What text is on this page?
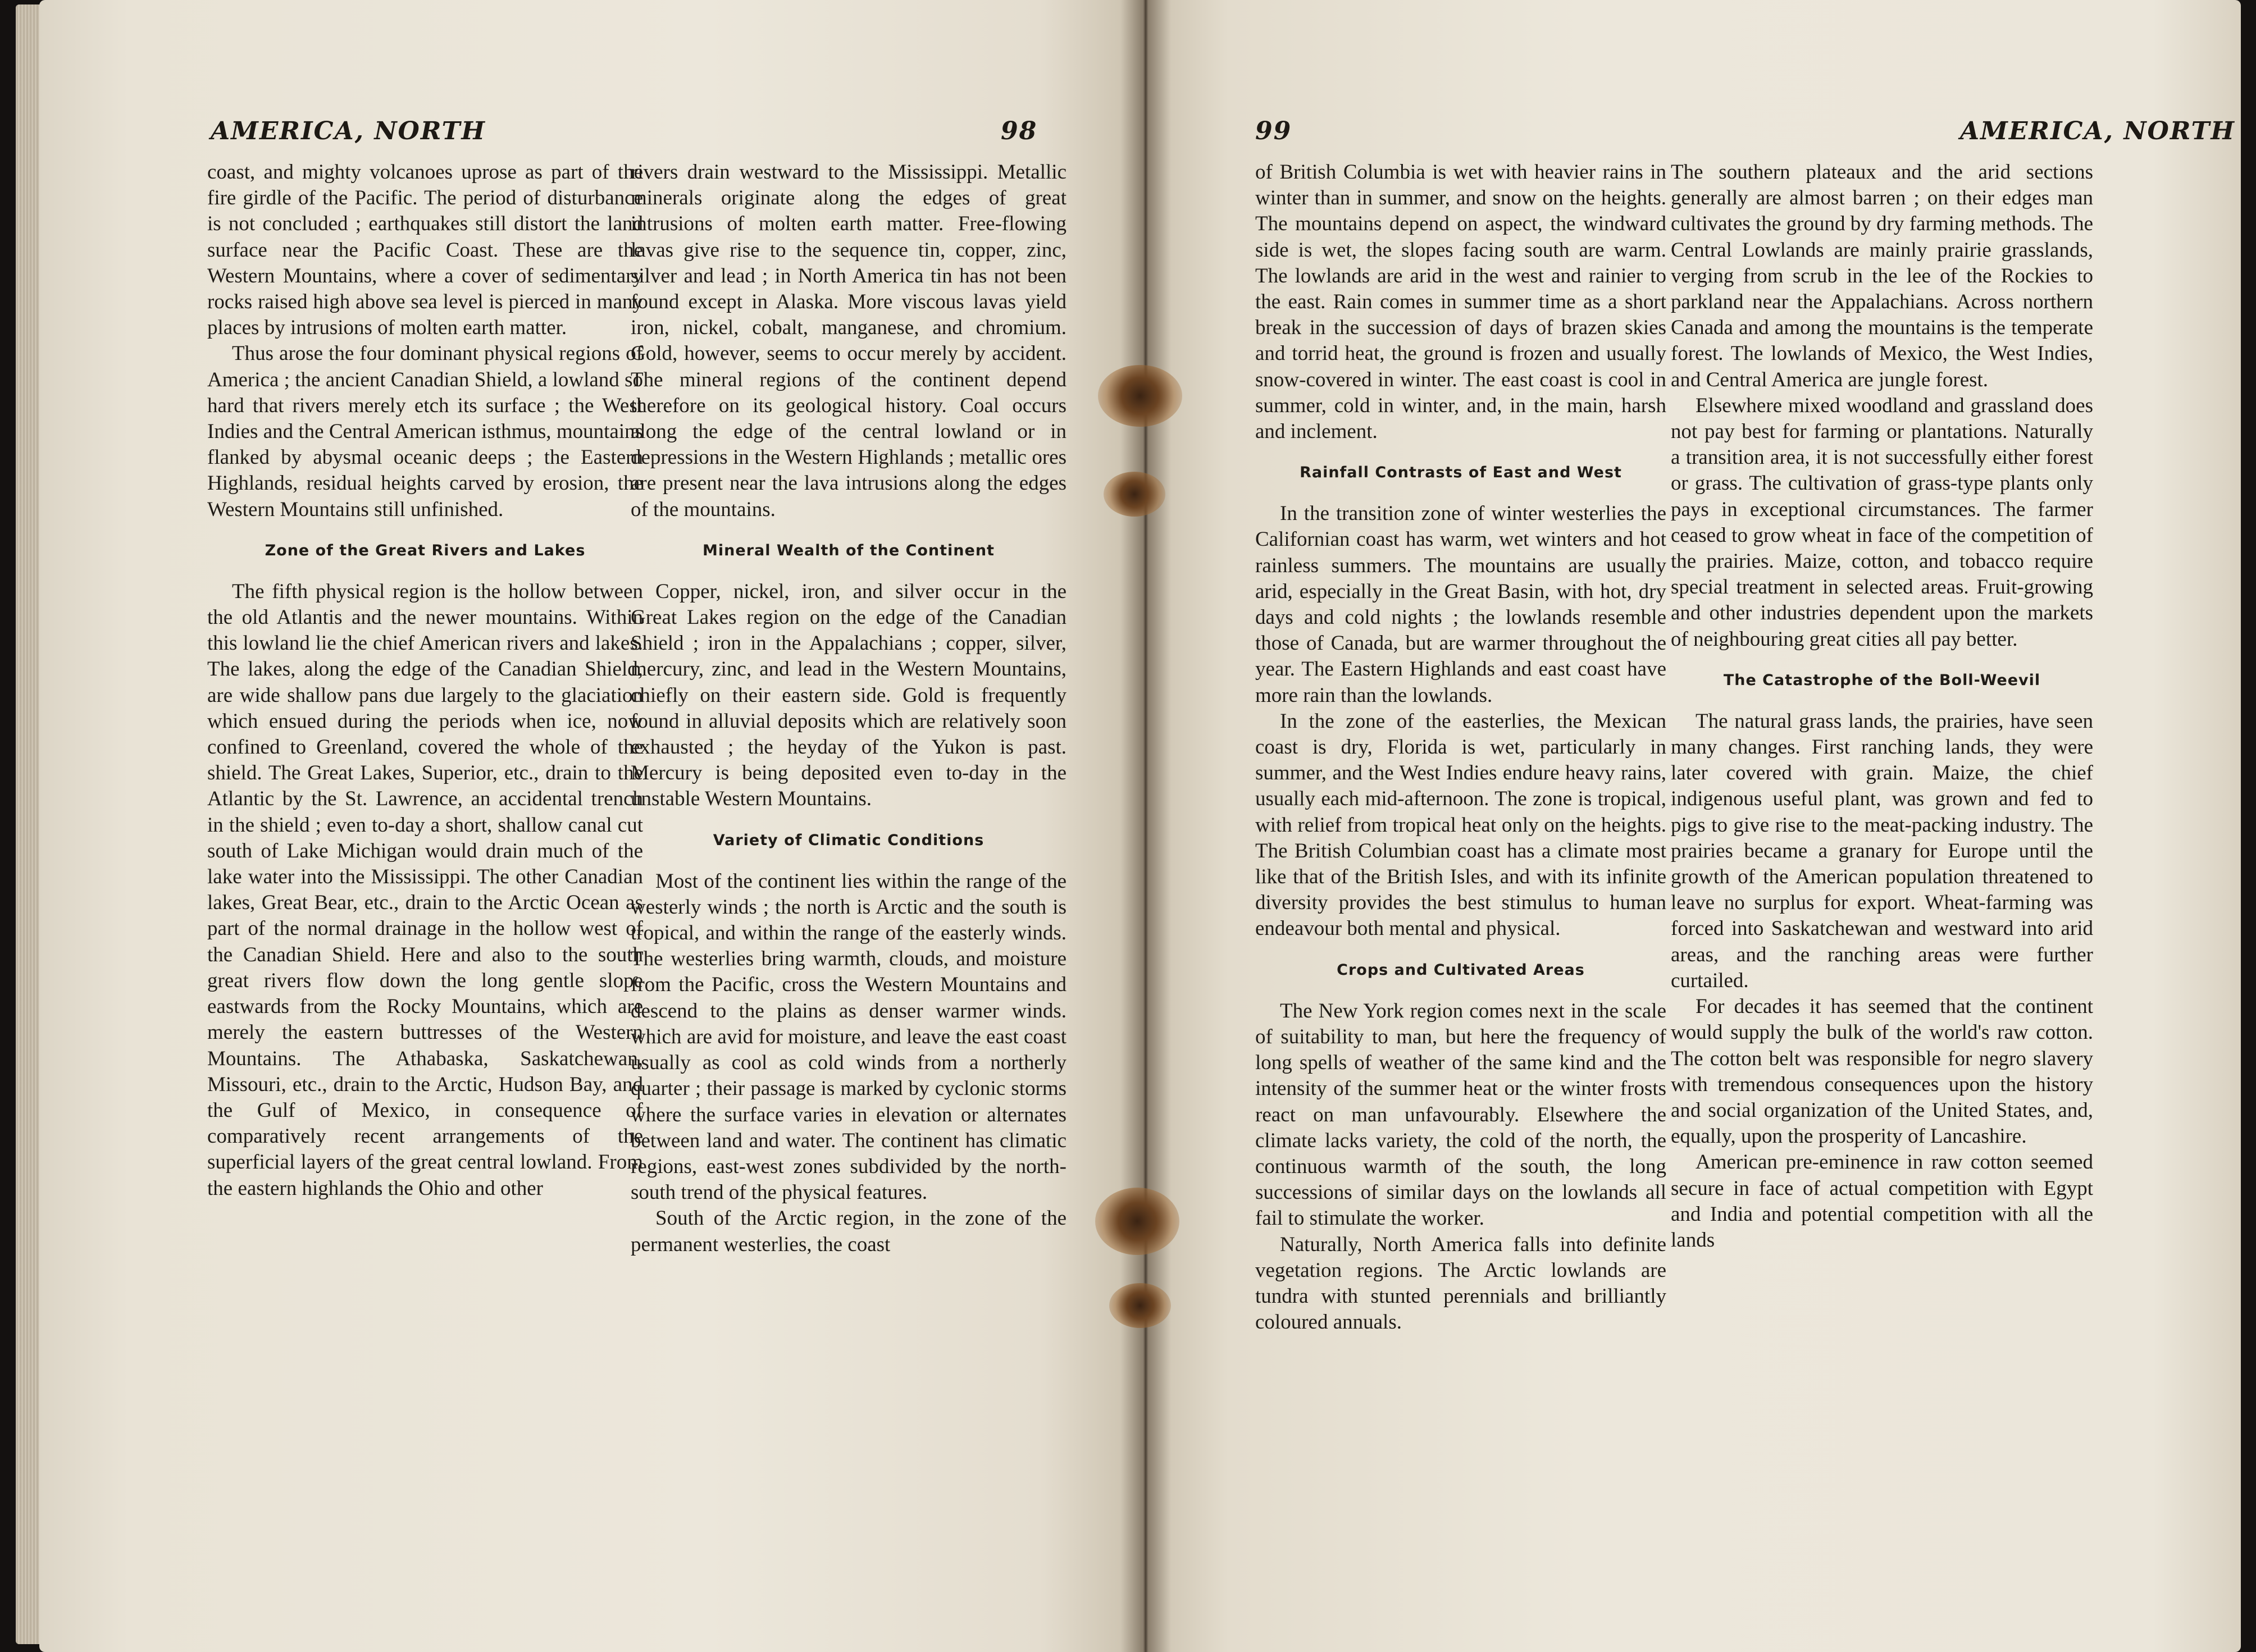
AMERICA, NORTH	98

coast, and mighty volcanoes uprose as part of the fire girdle of the Pacific. The period of disturbance is not concluded ; earthquakes still distort the land surface near the Pacific Coast. These are the Western Mountains, where a cover of sedimentary rocks raised high above sea level is pierced in many places by intrusions of molten earth matter.

Thus arose the four dominant physical regions of America ; the ancient Canadian Shield, a lowland so hard that rivers merely etch its surface ; the West Indies and the Central American isthmus, mountains flanked by abysmal oceanic deeps ; the Eastern Highlands, residual heights carved by erosion, the Western Mountains still unfinished.

Zone of the Great Rivers and Lakes

The fifth physical region is the hollow between the old Atlantis and the newer mountains. Within this lowland lie the chief American rivers and lakes. The lakes, along the edge of the Canadian Shield, are wide shallow pans due largely to the glaciation which ensued during the periods when ice, now confined to Greenland, covered the whole of the shield. The Great Lakes, Superior, etc., drain to the Atlantic by the St. Lawrence, an accidental trench in the shield ; even to-day a short, shallow canal cut south of Lake Michigan would drain much of the lake water into the Mississippi. The other Canadian lakes, Great Bear, etc., drain to the Arctic Ocean as part of the normal drainage in the hollow west of the Canadian Shield. Here and also to the south great rivers flow down the long gentle slope eastwards from the Rocky Mountains, which are merely the eastern buttresses of the Western Mountains. The Athabaska, Saskatchewan, Missouri, etc., drain to the Arctic, Hudson Bay, and the Gulf of Mexico, in consequence of comparatively recent arrangements of the superficial layers of the great central lowland. From the eastern highlands the Ohio and other

rivers drain westward to the Mississippi. Metallic minerals originate along the edges of great intrusions of molten earth matter. Free-flowing lavas give rise to the sequence tin, copper, zinc, silver and lead ; in North America tin has not been found except in Alaska. More viscous lavas yield iron, nickel, cobalt, manganese, and chromium. Gold, however, seems to occur merely by accident. The mineral regions of the continent depend therefore on its geological history. Coal occurs along the edge of the central lowland or in depressions in the Western Highlands ; metallic ores are present near the lava intrusions along the edges of the mountains.

Mineral Wealth of the Continent

Copper, nickel, iron, and silver occur in the Great Lakes region on the edge of the Canadian Shield ; iron in the Appalachians ; copper, silver, mercury, zinc, and lead in the Western Mountains, chiefly on their eastern side. Gold is frequently found in alluvial deposits which are relatively soon exhausted ; the heyday of the Yukon is past. Mercury is being deposited even to-day in the unstable Western Mountains.

Variety of Climatic Conditions

Most of the continent lies within the range of the westerly winds ; the north is Arctic and the south is tropical, and within the range of the easterly winds. The westerlies bring warmth, clouds, and moisture from the Pacific, cross the Western Mountains and descend to the plains as denser warmer winds. which are avid for moisture, and leave the east coast usually as cool as cold winds from a northerly quarter ; their passage is marked by cyclonic storms where the surface varies in elevation or alternates between land and water. The continent has climatic regions, east-west zones subdivided by the north-south trend of the physical features.

South of the Arctic region, in the zone of the permanent westerlies, the coast

99	AMERICA, NORTH

of British Columbia is wet with heavier rains in winter than in summer, and snow on the heights. The mountains depend on aspect, the windward side is wet, the slopes facing south are warm. The lowlands are arid in the west and rainier to the east. Rain comes in summer time as a short break in the succession of days of brazen skies and torrid heat, the ground is frozen and usually snow-covered in winter. The east coast is cool in summer, cold in winter, and, in the main, harsh and inclement.

Rainfall Contrasts of East and West

In the transition zone of winter westerlies the Californian coast has warm, wet winters and hot rainless summers. The mountains are usually arid, especially in the Great Basin, with hot, dry days and cold nights ; the lowlands resemble those of Canada, but are warmer throughout the year. The Eastern Highlands and east coast have more rain than the lowlands.

In the zone of the easterlies, the Mexican coast is dry, Florida is wet, particularly in summer, and the West Indies endure heavy rains, usually each mid-afternoon. The zone is tropical, with relief from tropical heat only on the heights. The British Columbian coast has a climate most like that of the British Isles, and with its infinite diversity provides the best stimulus to human endeavour both mental and physical.

Crops and Cultivated Areas

The New York region comes next in the scale of suitability to man, but here the frequency of long spells of weather of the same kind and the intensity of the summer heat or the winter frosts react on man unfavourably. Elsewhere the climate lacks variety, the cold of the north, the continuous warmth of the south, the long successions of similar days on the lowlands all fail to stimulate the worker.

Naturally, North America falls into definite vegetation regions. The Arctic lowlands are tundra with stunted perennials and brilliantly coloured annuals.

The southern plateaux and the arid sections generally are almost barren ; on their edges man cultivates the ground by dry farming methods. The Central Lowlands are mainly prairie grasslands, verging from scrub in the lee of the Rockies to parkland near the Appalachians. Across northern Canada and among the mountains is the temperate forest. The lowlands of Mexico, the West Indies, and Central America are jungle forest.

Elsewhere mixed woodland and grassland does not pay best for farming or plantations. Naturally a transition area, it is not successfully either forest or grass. The cultivation of grass-type plants only pays in exceptional circumstances. The farmer ceased to grow wheat in face of the competition of the prairies. Maize, cotton, and tobacco require special treatment in selected areas. Fruit-growing and other industries dependent upon the markets of neighbouring great cities all pay better.

The Catastrophe of the Boll-Weevil

The natural grass lands, the prairies, have seen many changes. First ranching lands, they were later covered with grain. Maize, the chief indigenous useful plant, was grown and fed to pigs to give rise to the meat-packing industry. The prairies became a granary for Europe until the growth of the American population threatened to leave no surplus for export. Wheat-farming was forced into Saskatchewan and westward into arid areas, and the ranching areas were further curtailed.

For decades it has seemed that the continent would supply the bulk of the world's raw cotton. The cotton belt was responsible for negro slavery with tremendous consequences upon the history and social organization of the United States, and, equally, upon the prosperity of Lancashire.

American pre-eminence in raw cotton seemed secure in face of actual competition with Egypt and India and potential competition with all the lands
